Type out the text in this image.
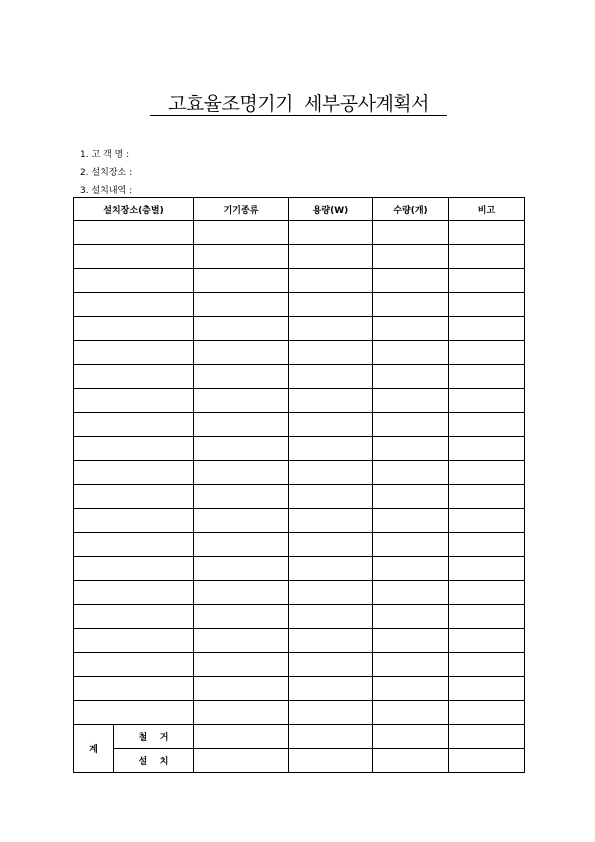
고효율조명기기  세부공사계획서
1. 고 객 명 :
2. 설치장소 :
3. 설치내역 :
설치장소(층별)		기기종류	용량(W)	수량(개)	비고

계	철    거				
	설    치				
